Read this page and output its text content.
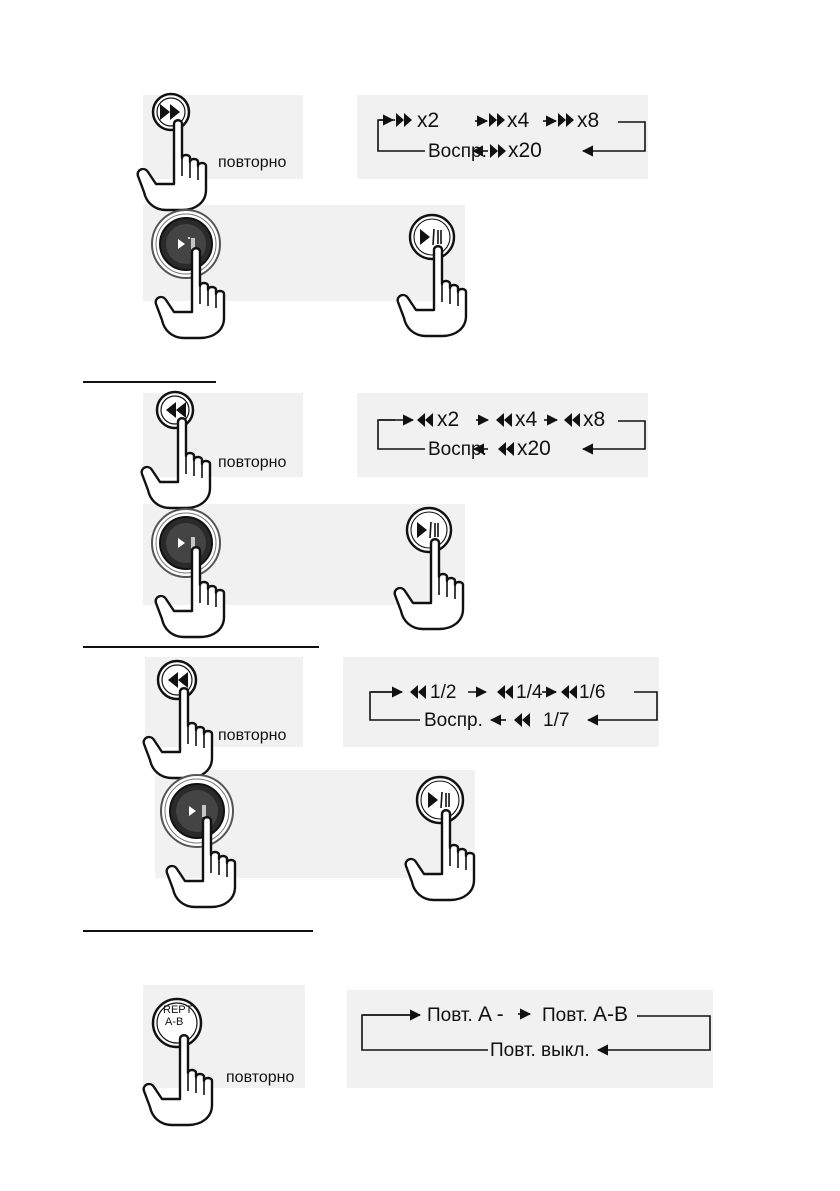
повторно
x2	x4 x8
Воспр. x20
повторно
x2	x4 x8
Воспр. x20
повторно
1/2	1/4 1/6
Воспр.	1/7
REPT
A-B
повторно
Повт. A - Повт. A-B
Повт. выкл.
